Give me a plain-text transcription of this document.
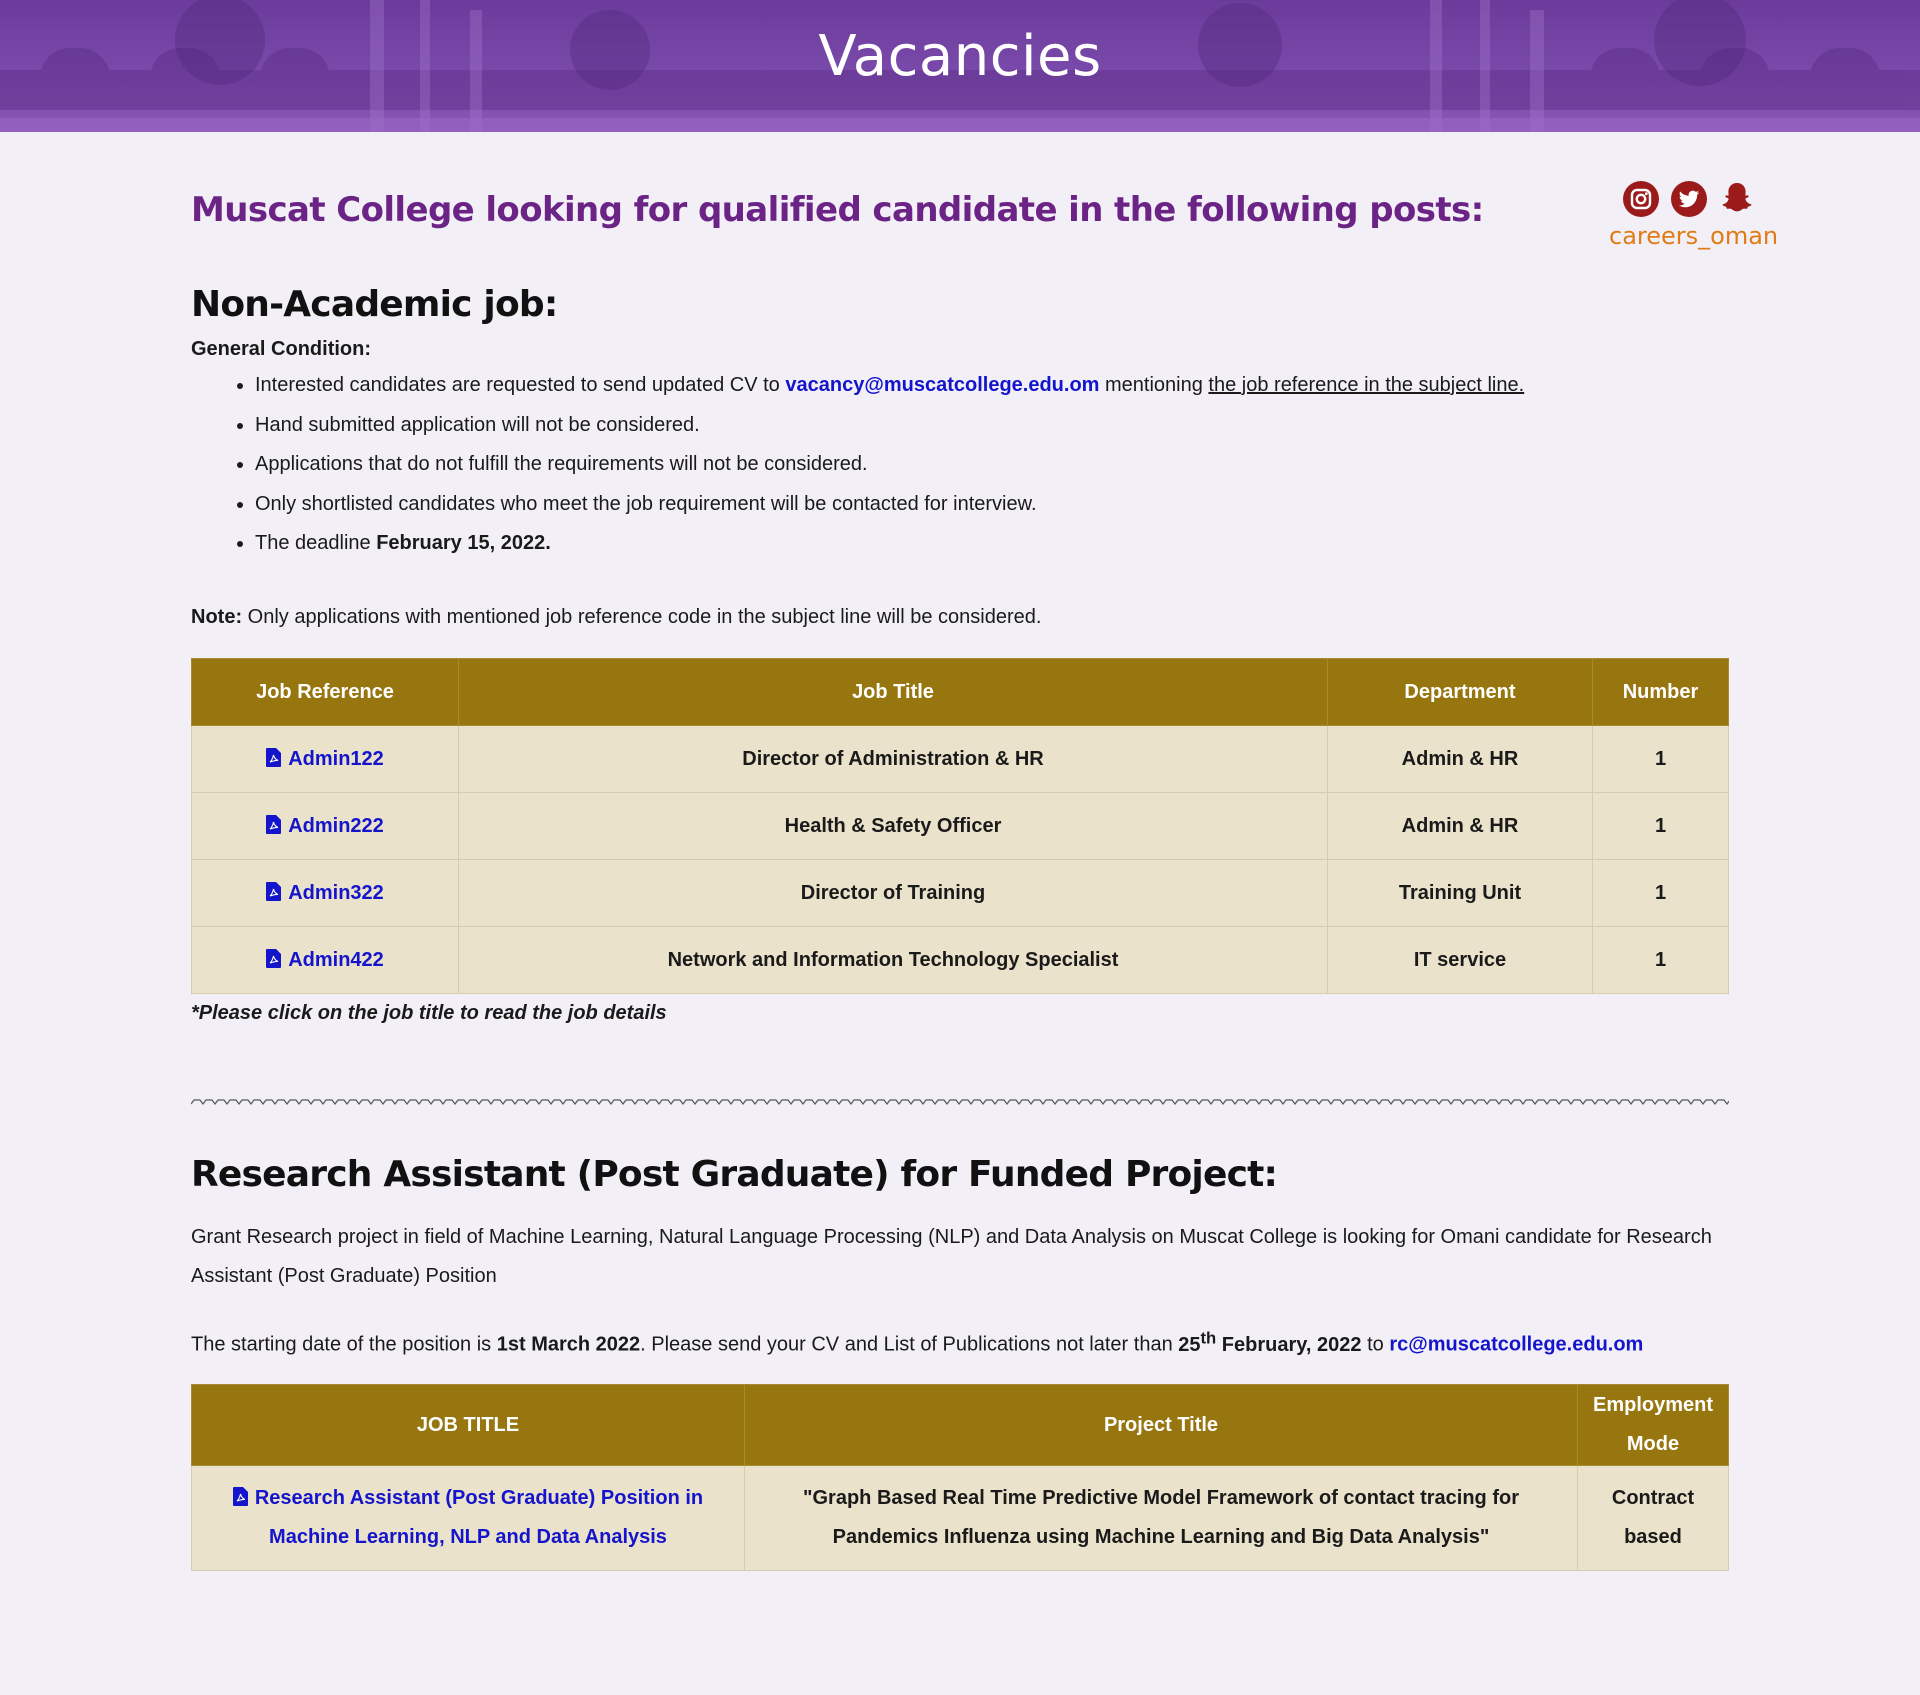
Vacancies
Muscat College looking for qualified candidate in the following posts:
careers_oman
Non-Academic job:
General Condition:
• Interested candidates are requested to send updated CV to vacancy@muscatcollege.edu.om mentioning the job reference in the subject line.
• Hand submitted application will not be considered.
• Applications that do not fulfill the requirements will not be considered.
• Only shortlisted candidates who meet the job requirement will be contacted for interview.
• The deadline February 15, 2022.
Note: Only applications with mentioned job reference code in the subject line will be considered.
Job Reference	Job Title	Department	Number
Admin122	Director of Administration & HR	Admin & HR	1
Admin222	Health & Safety Officer	Admin & HR	1
Admin322	Director of Training	Training Unit	1
Admin422	Network and Information Technology Specialist	IT service	1
*Please click on the job title to read the job details
Research Assistant (Post Graduate) for Funded Project:
Grant Research project in field of Machine Learning, Natural Language Processing (NLP) and Data Analysis on Muscat College is looking for Omani candidate for Research Assistant (Post Graduate) Position
The starting date of the position is 1st March 2022. Please send your CV and List of Publications not later than 25th February, 2022 to rc@muscatcollege.edu.om
JOB TITLE	Project Title	Employment Mode
Research Assistant (Post Graduate) Position in Machine Learning, NLP and Data Analysis	"Graph Based Real Time Predictive Model Framework of contact tracing for Pandemics Influenza using Machine Learning and Big Data Analysis"	Contract based
